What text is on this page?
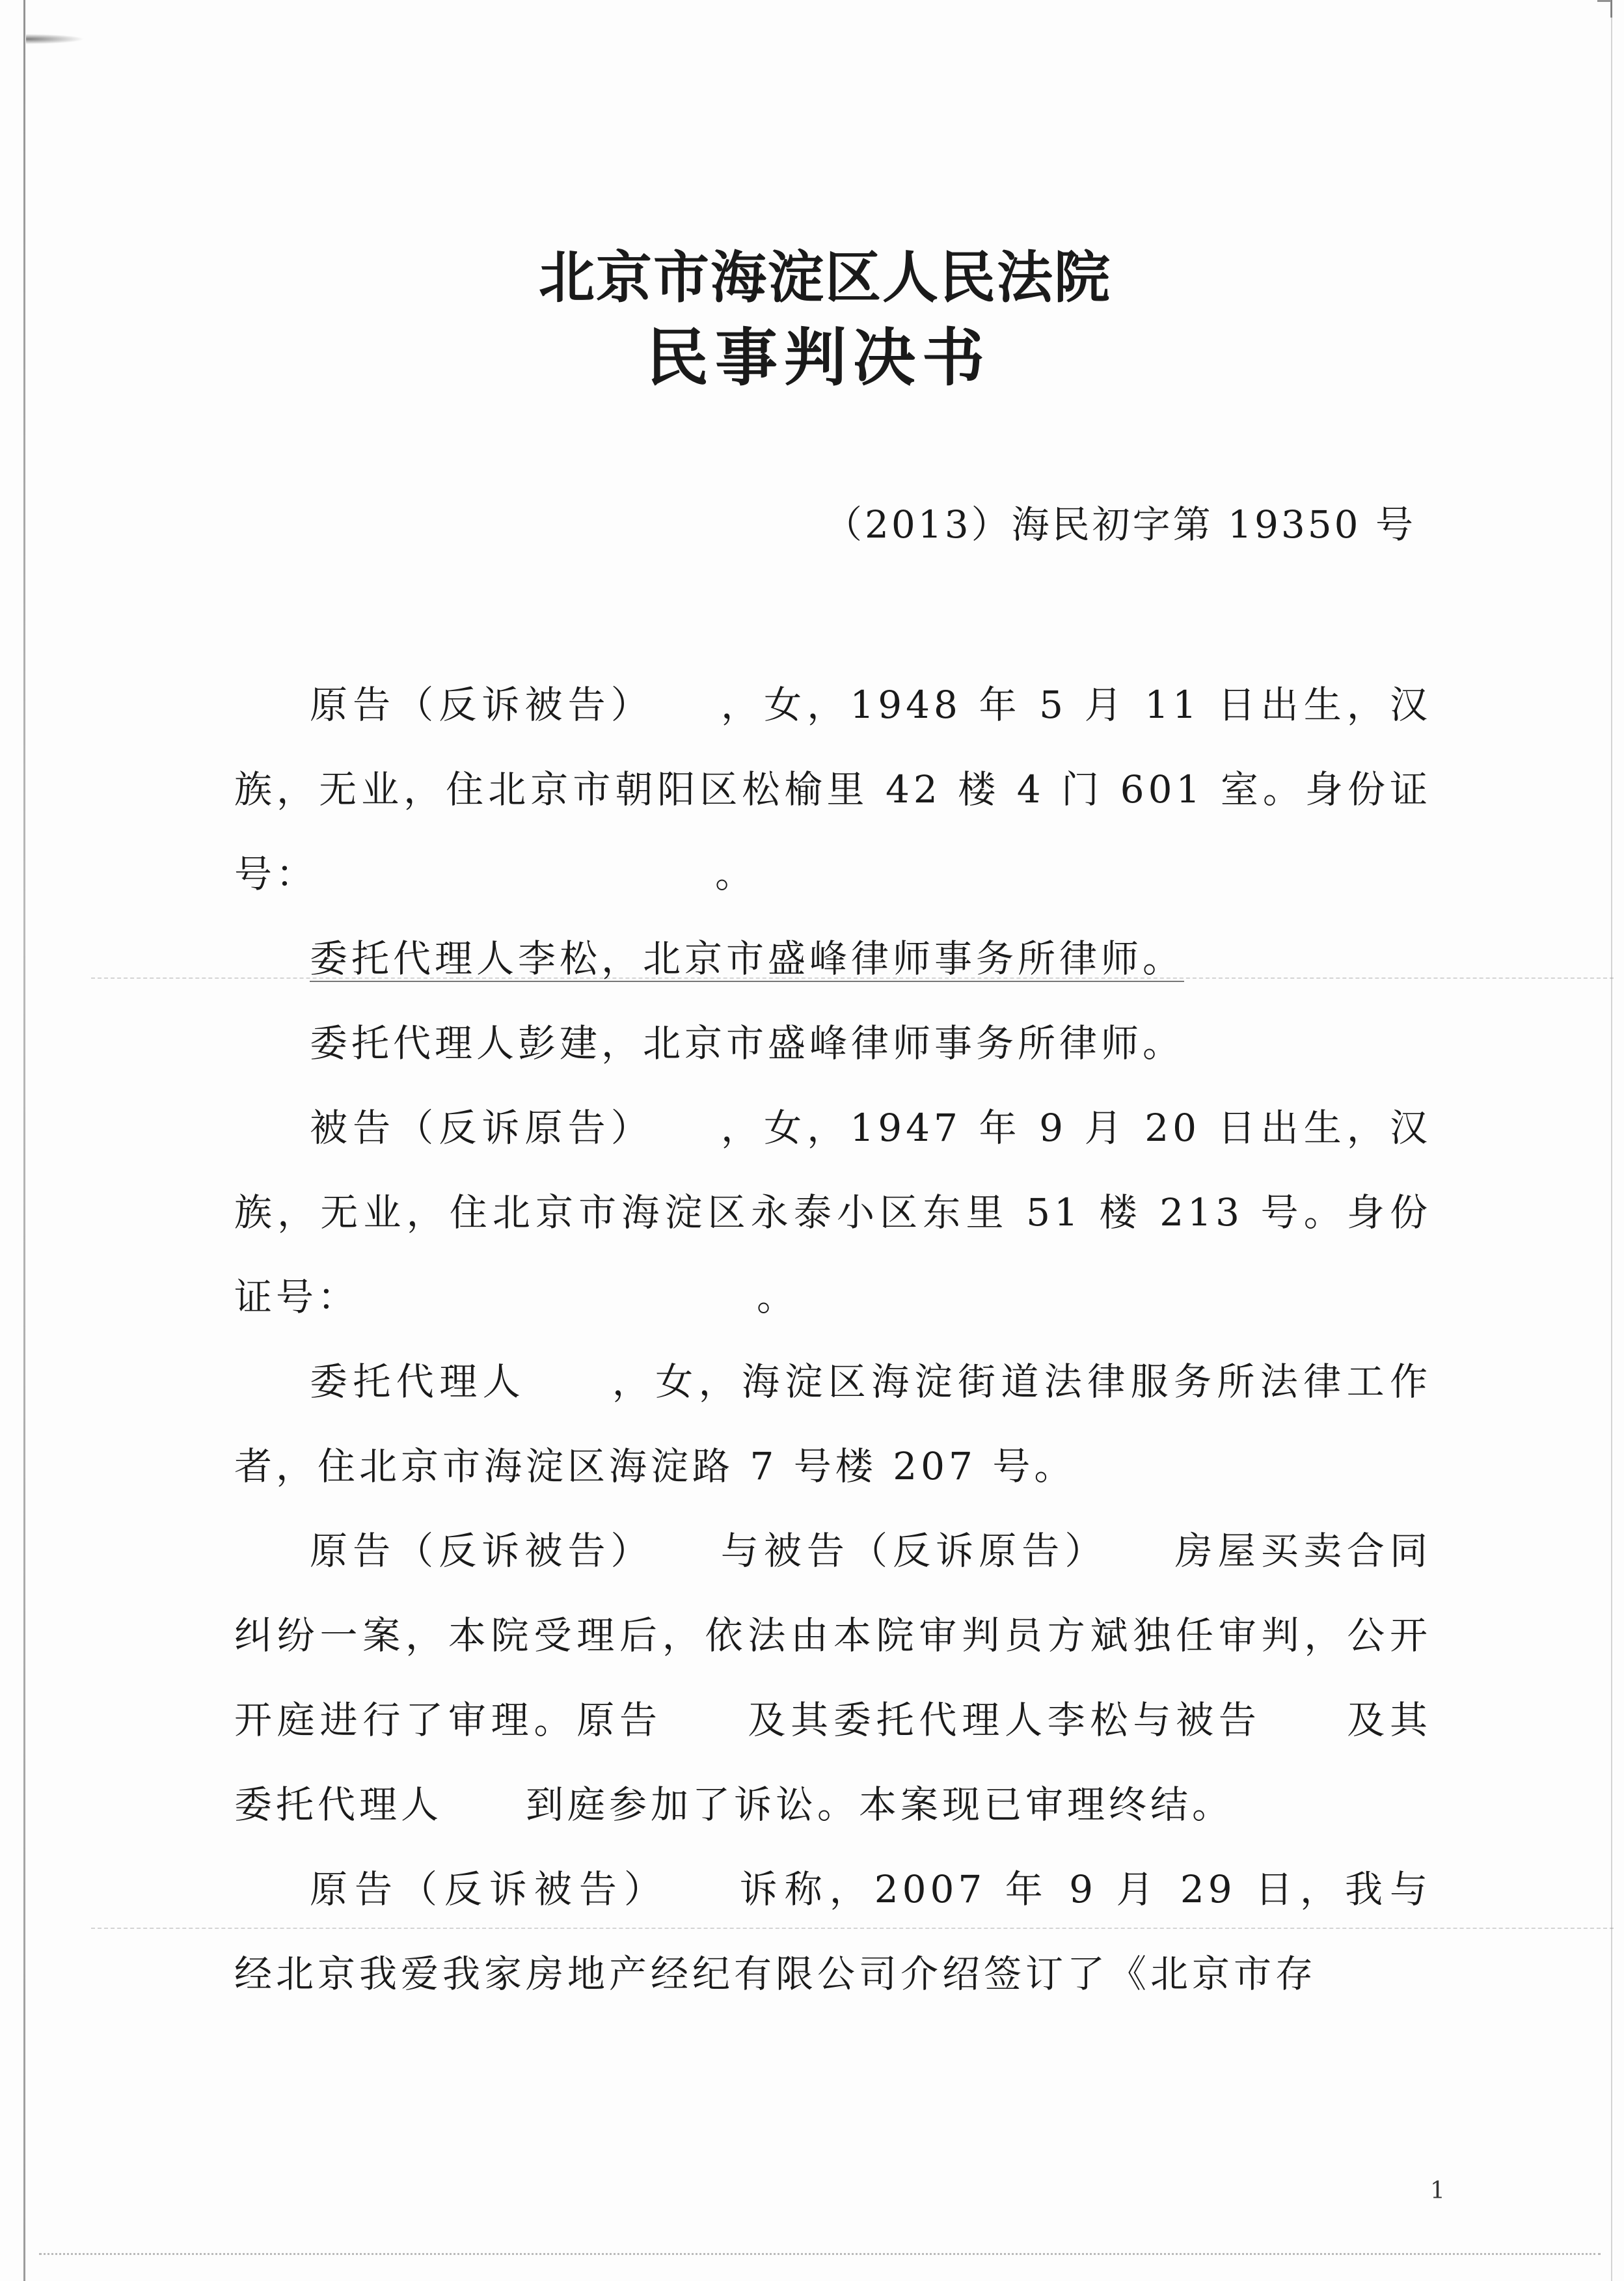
北京市海淀区人民法院
民事判决书
（2013）海民初字第 19350 号

原告（反诉被告）　　，女，1948 年 5 月 11 日出生，汉族，无业，住北京市朝阳区松榆里 42 楼 4 门 601 室。身份证号：　　　　　　　　　　。

委托代理人李松，北京市盛峰律师事务所律师。

委托代理人彭建，北京市盛峰律师事务所律师。

被告（反诉原告）　　，女，1947 年 9 月 20 日出生，汉族，无业，住北京市海淀区永泰小区东里 51 楼 213 号。身份证号：　　　　　　　　　　。

委托代理人　　，女，海淀区海淀街道法律服务所法律工作者，住北京市海淀区海淀路 7 号楼 207 号。

原告（反诉被告）　　与被告（反诉原告）　　房屋买卖合同纠纷一案，本院受理后，依法由本院审判员方斌独任审判，公开开庭进行了审理。原告　　及其委托代理人李松与被告　　及其委托代理人　　到庭参加了诉讼。本案现已审理终结。

原告（反诉被告）　　诉称，2007 年 9 月 29 日，我与　　经北京我爱我家房地产经纪有限公司介绍签订了《北京市存

1
